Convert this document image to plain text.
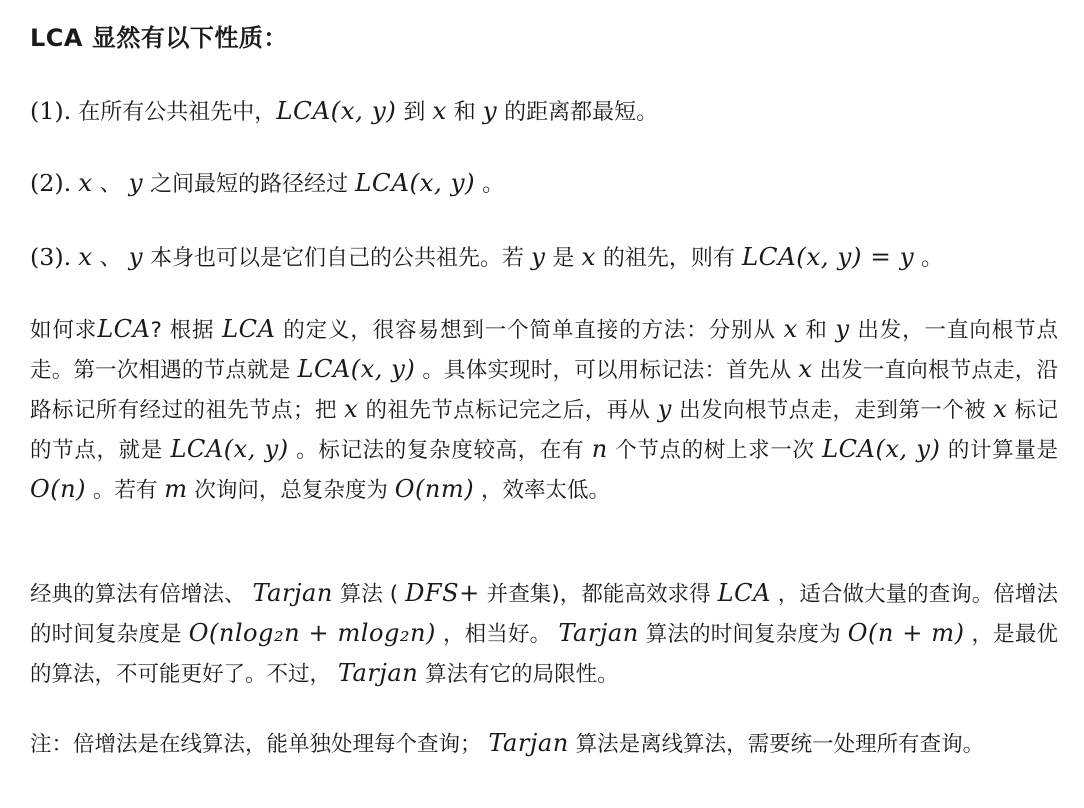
LCA 显然有以下性质：

(1). 在所有公共祖先中，LCA(x, y) 到 x 和 y 的距离都最短。

(2). x 、 y 之间最短的路径经过 LCA(x, y) 。

(3). x 、 y 本身也可以是它们自己的公共祖先。若 y 是 x 的祖先，则有 LCA(x, y) = y 。

如何求LCA? 根据 LCA 的定义，很容易想到一个简单直接的方法：分别从 x 和 y 出发，一直向根节点走。第一次相遇的节点就是 LCA(x, y) 。具体实现时，可以用标记法：首先从 x 出发一直向根节点走，沿路标记所有经过的祖先节点；把 x 的祖先节点标记完之后，再从 y 出发向根节点走，走到第一个被 x 标记的节点，就是 LCA(x, y) 。标记法的复杂度较高，在有 n 个节点的树上求一次 LCA(x, y) 的计算量是 O(n) 。若有 m 次询问，总复杂度为 O(nm) ，效率太低。

经典的算法有倍增法、 Tarjan 算法 ( DFS+ 并查集)，都能高效求得 LCA ，适合做大量的查询。倍增法的时间复杂度是 O(nlog₂n + mlog₂n) ，相当好。 Tarjan 算法的时间复杂度为 O(n + m) ，是最优的算法，不可能更好了。不过， Tarjan 算法有它的局限性。

注：倍增法是在线算法，能单独处理每个查询； Tarjan 算法是离线算法，需要统一处理所有查询。
